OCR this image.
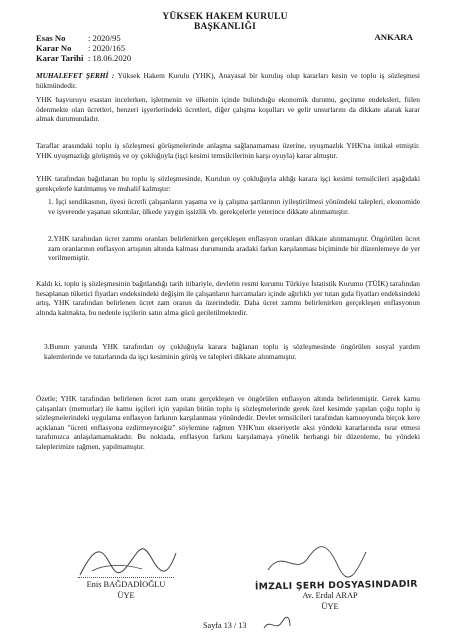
YÜKSEK HAKEM KURULU
BAŞKANLIĞI
ANKARA
Esas No	: 2020/95
Karar No : 2020/165
Karar Tarihi : 18.06.2020
MUHALEFET ŞERHİ : Yüksek Hakem Kurulu (YHK), Anayasal bir kuruluş olup kararları kesin ve toplu iş sözleşmesi hükmündedir.
YHK başvuruyu esastan incelerken, işletmenin ve ülkenin içinde bulunduğu ekonomik durumu, geçinme endeksleri, fiilen ödenmekte olan ücretleri, benzeri işyerlerindeki ücretleri, diğer çalışma koşulları ve gelir unsurlarını da dikkate alarak karar almak durumundadır.
Taraflar arasındaki toplu iş sözleşmesi görüşmelerinde anlaşma sağlanamaması üzerine, uyuşmazlık YHK'na intikal etmiştir. YHK uyuşmazlığı görüşmüş ve oy çokluğuyla (işçi kesimi temsilcilerinin karşı oyuyla) karar almıştır.
YHK tarafından bağıtlanan bu toplu iş sözleşmesinde, Kurulun oy çokluğuyla aldığı karara işçi kesimi temsilcileri aşağıdaki gerekçelerle katılmamış ve muhalif kalmıştır:
1. İşçi sendikasının, üyesi ücretli çalışanların yaşama ve iş çalışma şartlarının iyileştirilmesi yönündeki talepleri, ekonomide ve işverende yaşanan sıkıntılar, ülkede yaygın işsizlik vb. gerekçelerle yeterince dikkate alınmamıştır.
2.YHK tarafından ücret zammı oranları belirlenirken gerçekleşen enflasyon oranları dikkate alınmamıştır. Öngörülen ücret zam oranlarının enflasyon artışının altında kalması durumunda aradaki farkın karşılanması biçiminde bir düzenlemeye de yer verilmemiştir.
Kaldı ki, toplu iş sözleşmesinin bağıtlandığı tarih itibariyle, devletin resmi kurumu Türkiye İstatistik Kurumu (TÜİK) tarafından hesaplanan tüketici fiyatları endeksindeki değişim ile çalışanların harcamaları içinde ağırlıklı yer tutan gıda fiyatları endeksindeki artış, YHK tarafından belirlenen ücret zam oranın da üzerindedir. Daha ücret zammı belirlenirken gerçekleşen enflasyonun altında kalmakta, bu nedenle işçilerin satın alma gücü geriletilmektedir.
3.Bunun yanında YHK tarafından oy çokluğuyla karara bağlanan toplu iş sözleşmesinde öngörülen sosyal yardım kalemlerinde ve tutarlarında da işçi kesiminin görüş ve talepleri dikkate alınmamıştır.
Özetle; YHK tarafından belirlenen ücret zam oranı gerçekleşen ve öngörülen enflasyon altında belirlenmiştir. Gerek kamu çalışanları (memurlar) ile kamu işçileri için yapılan bütün toplu iş sözleşmelerinde gerek özel kesimde yapılan çoğu toplu iş sözleşmelerindeki uygulama enflasyon farkının karşılanması yönündedir. Devlet temsilcileri tarafından kamuoyunda birçok kere açıklanan "ücreti enflasyona ezdirmeyeceğiz" söylemine rağmen YHK'nın ekseriyetle aksi yöndeki kararlarında ısrar etmesi tarafımızca anlaşılamamaktadır. Bu noktada, enflasyon farkını karşılamaya yönelik herhangi bir düzenleme, bu yöndeki taleplerimize rağmen, yapılmamıştır.
Enis BAĞDADİOĞLU
ÜYE
İMZALI ŞERH DOSYASINDADIR
Av. Erdal ARAP
ÜYE
Sayfa 13 / 13
